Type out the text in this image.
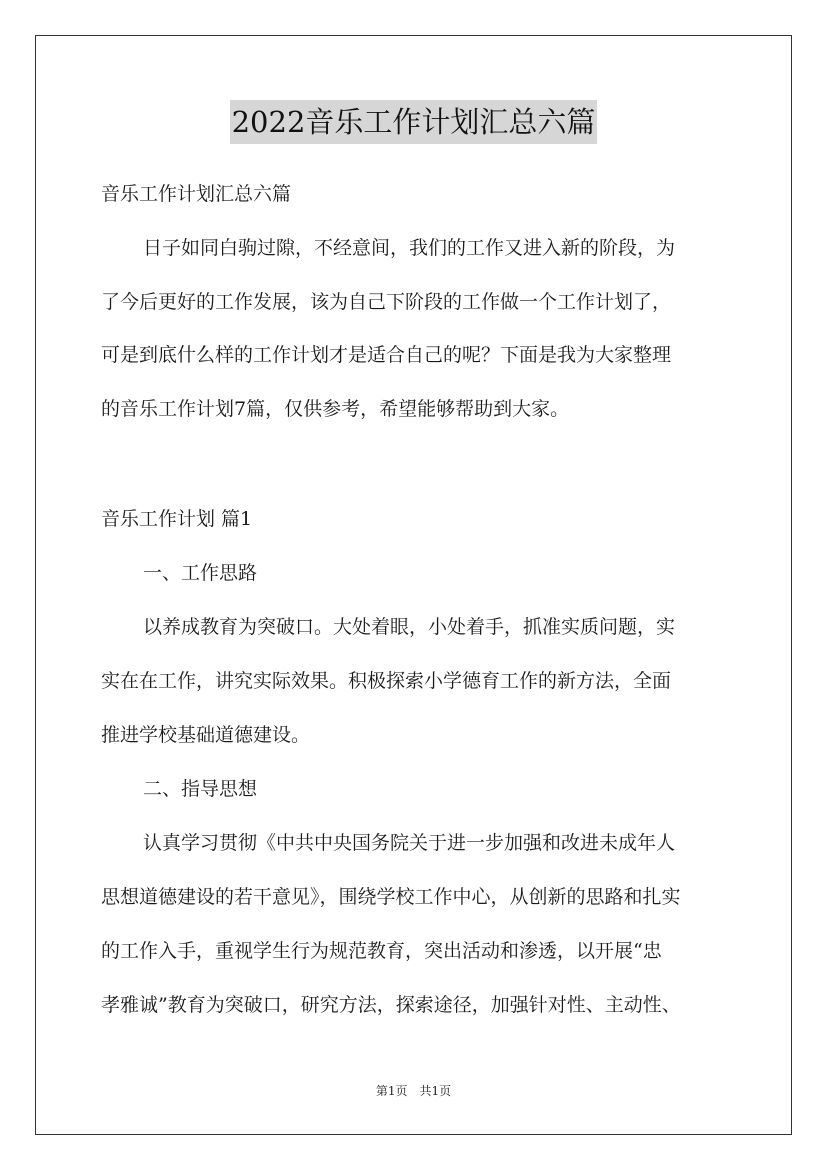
2022音乐工作计划汇总六篇
音乐工作计划汇总六篇
日子如同白驹过隙，不经意间，我们的工作又进入新的阶段，为
了今后更好的工作发展，该为自己下阶段的工作做一个工作计划了，
可是到底什么样的工作计划才是适合自己的呢？下面是我为大家整理
的音乐工作计划7篇，仅供参考，希望能够帮助到大家。
音乐工作计划 篇1
一、工作思路
以养成教育为突破口。大处着眼，小处着手，抓准实质问题，实
实在在工作，讲究实际效果。积极探索小学德育工作的新方法，全面
推进学校基础道德建设。
二、指导思想
认真学习贯彻《中共中央国务院关于进一步加强和改进未成年人
思想道德建设的若干意见》，围绕学校工作中心，从创新的思路和扎实
的工作入手，重视学生行为规范教育，突出活动和渗透，以开展“忠
孝雅诚”教育为突破口，研究方法，探索途径，加强针对性、主动性、
第1页　共1页
